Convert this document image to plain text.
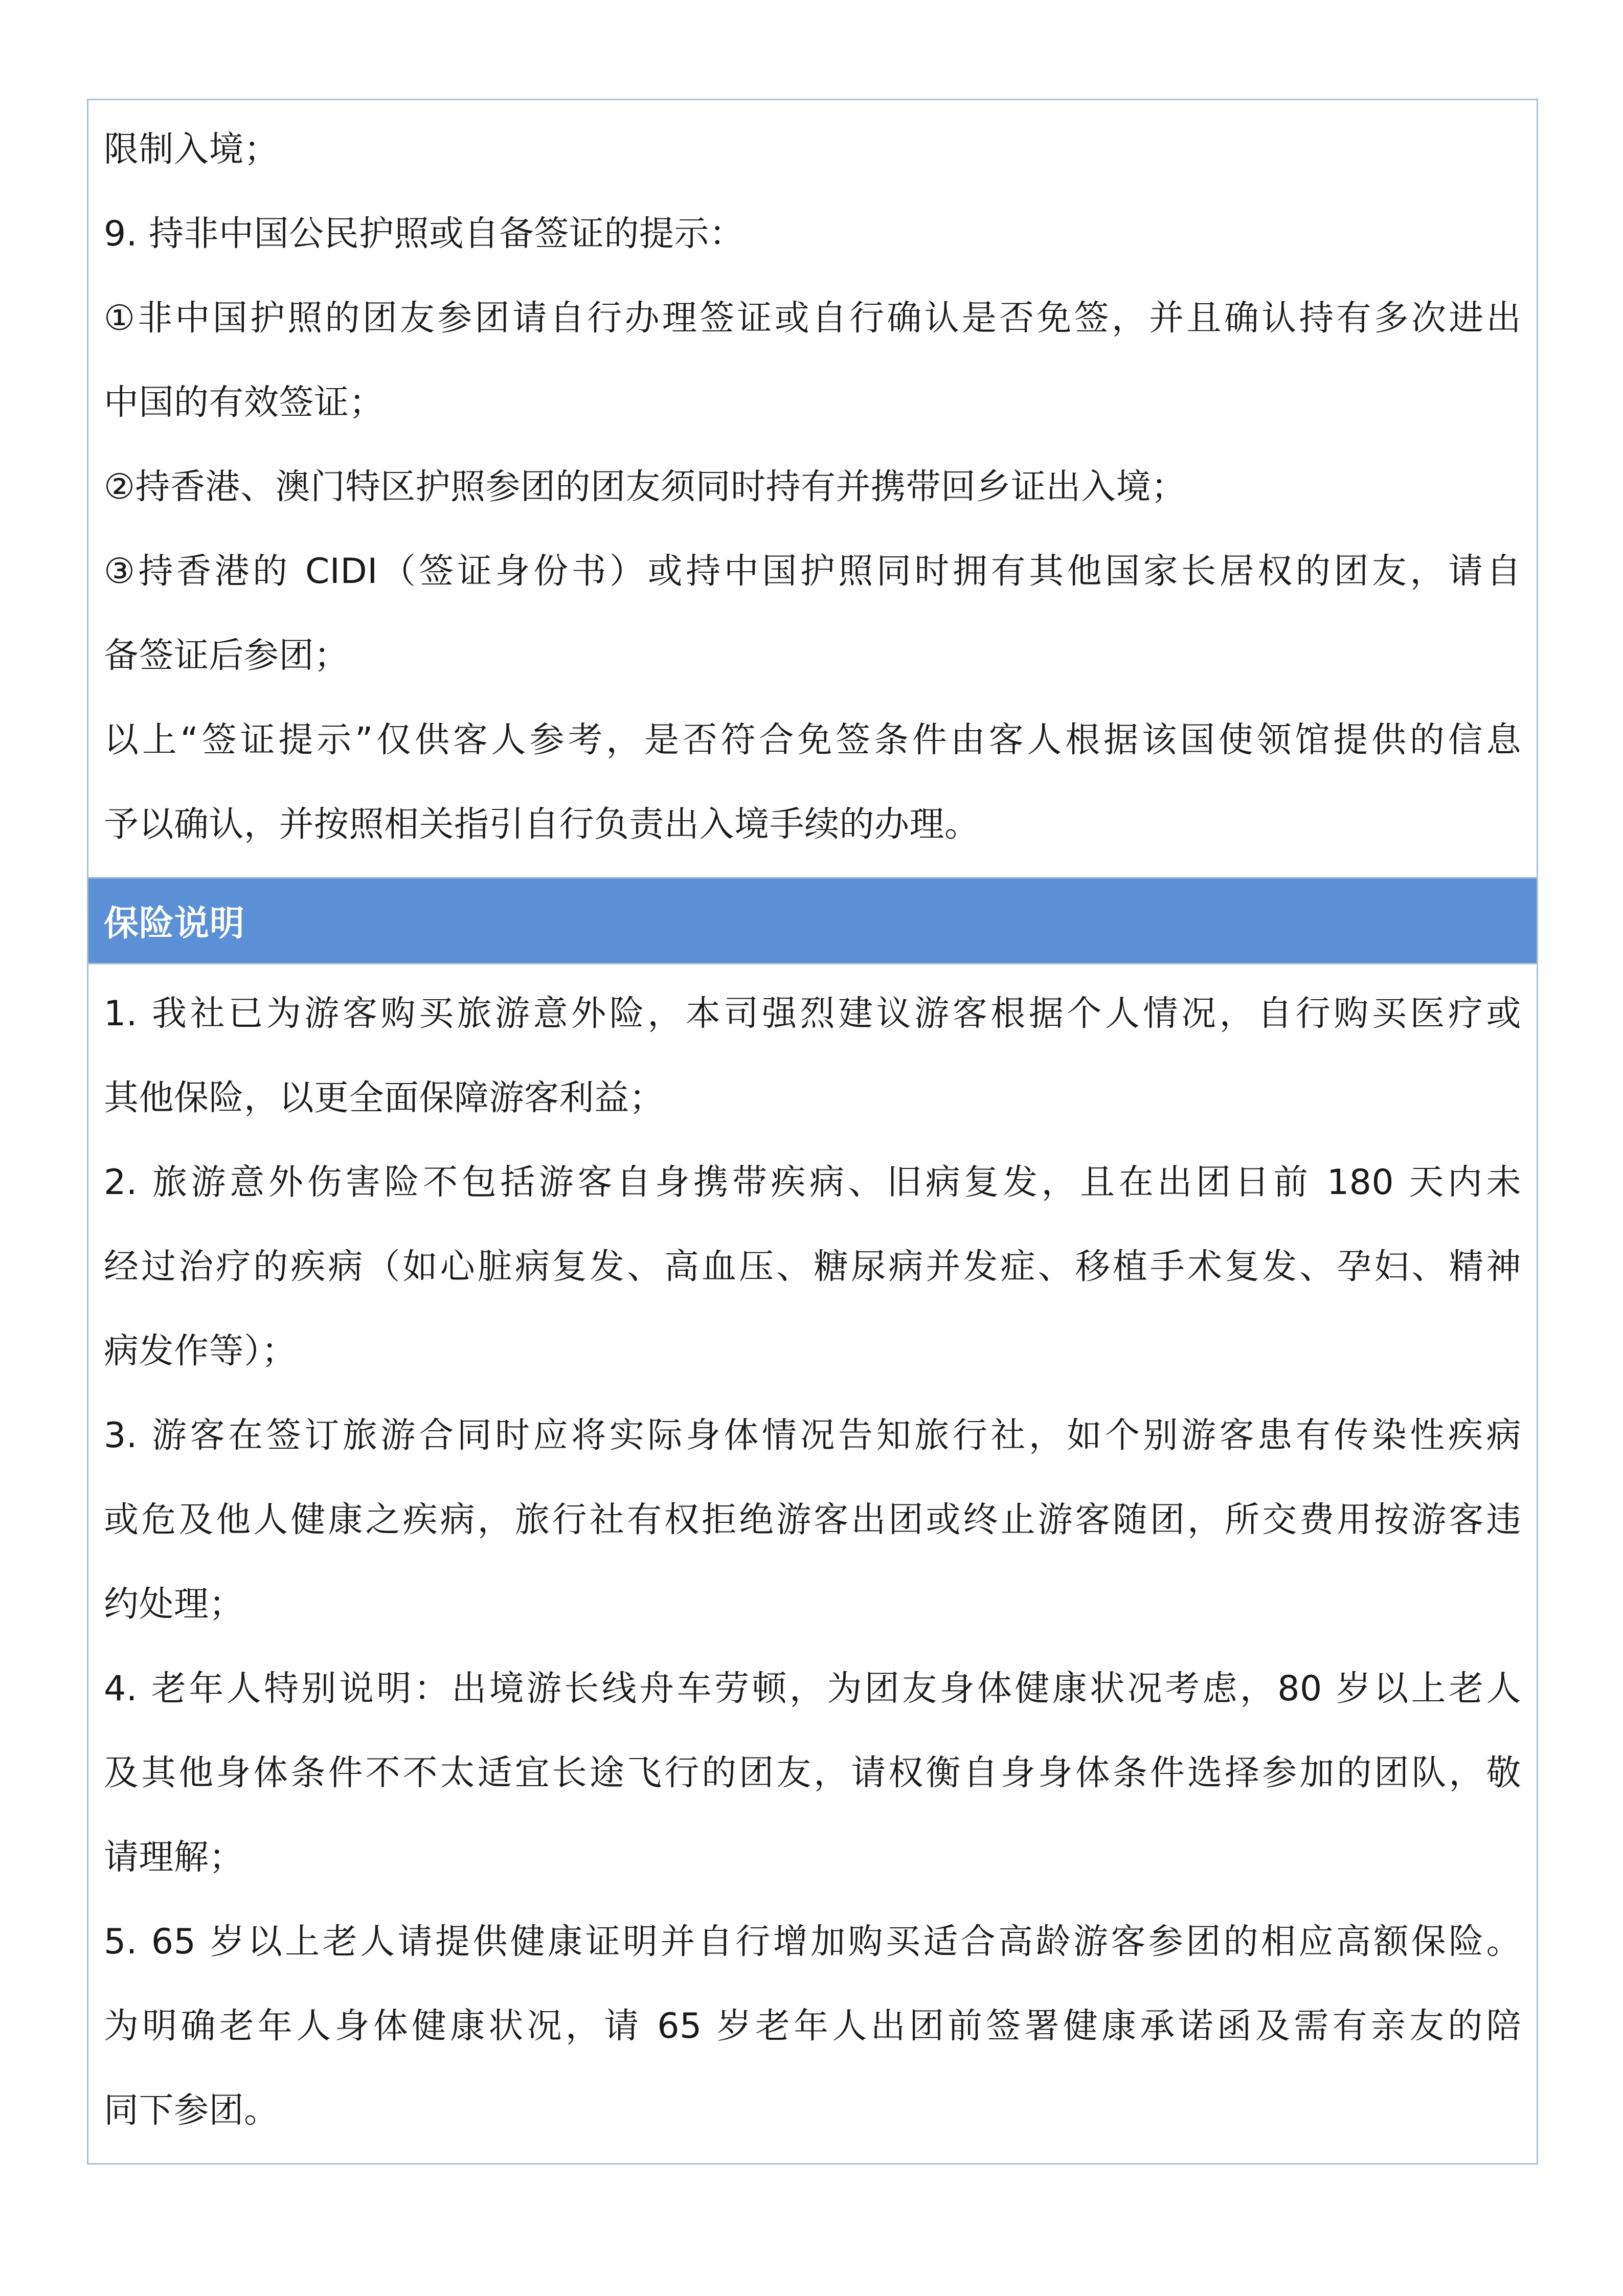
限制入境；
9. 持非中国公民护照或自备签证的提示：
①非中国护照的团友参团请自行办理签证或自行确认是否免签，并且确认持有多次进出
中国的有效签证；
②持香港、澳门特区护照参团的团友须同时持有并携带回乡证出入境；
③持香港的 CIDI（签证身份书）或持中国护照同时拥有其他国家长居权的团友，请自
备签证后参团；
以上“签证提示”仅供客人参考，是否符合免签条件由客人根据该国使领馆提供的信息
予以确认，并按照相关指引自行负责出入境手续的办理。
保险说明
1. 我社已为游客购买旅游意外险，本司强烈建议游客根据个人情况，自行购买医疗或
其他保险，以更全面保障游客利益；
2. 旅游意外伤害险不包括游客自身携带疾病、旧病复发，且在出团日前 180 天内未
经过治疗的疾病（如心脏病复发、高血压、糖尿病并发症、移植手术复发、孕妇、精神
病发作等）；
3. 游客在签订旅游合同时应将实际身体情况告知旅行社，如个别游客患有传染性疾病
或危及他人健康之疾病，旅行社有权拒绝游客出团或终止游客随团，所交费用按游客违
约处理；
4. 老年人特别说明：出境游长线舟车劳顿，为团友身体健康状况考虑，80 岁以上老人
及其他身体条件不不太适宜长途飞行的团友，请权衡自身身体条件选择参加的团队，敬
请理解；
5. 65 岁以上老人请提供健康证明并自行增加购买适合高龄游客参团的相应高额保险。
为明确老年人身体健康状况，请 65 岁老年人出团前签署健康承诺函及需有亲友的陪
同下参团。
